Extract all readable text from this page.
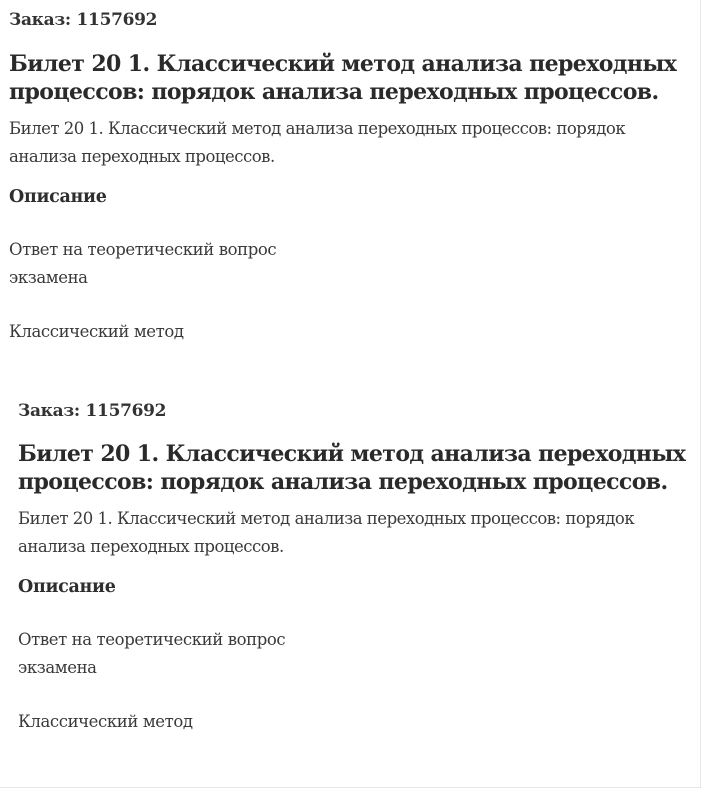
Заказ: 1157692
Билет 20 1. Классический метод анализа переходных процессов: порядок анализа переходных процессов.
Билет 20 1. Классический метод анализа переходных процессов: порядок анализа переходных процессов.
Описание
Ответ на теоретический вопрос экзамена
Классический метод
Заказ: 1157692
Билет 20 1. Классический метод анализа переходных процессов: порядок анализа переходных процессов.
Билет 20 1. Классический метод анализа переходных процессов: порядок анализа переходных процессов.
Описание
Ответ на теоретический вопрос экзамена
Классический метод
